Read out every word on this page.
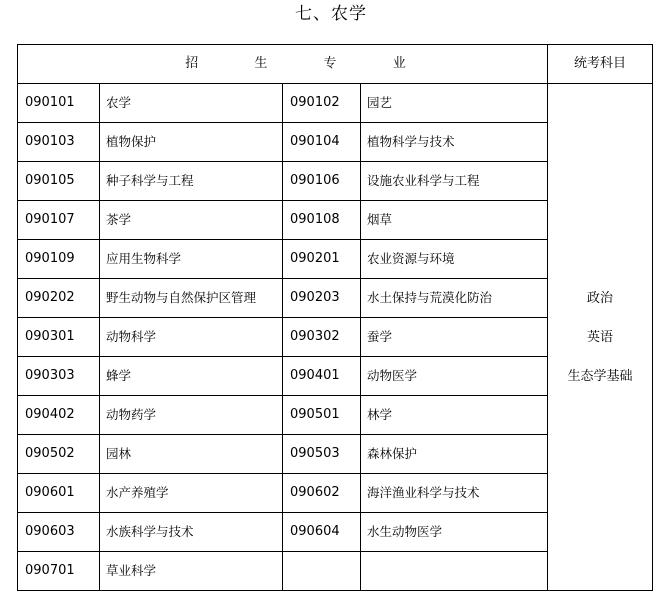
七、农学
招 生 专 业				统考科目
090101	农学	090102	园艺	政治
英语
生态学基础

090103	植物保护	090104	植物科学与技术	
090105	种子科学与工程	090106	设施农业科学与工程	
090107	茶学	090108	烟草	
090109	应用生物科学	090201	农业资源与环境	
090202	野生动物与自然保护区管理	090203	水土保持与荒漠化防治	
090301	动物科学	090302	蚕学	
090303	蜂学	090401	动物医学	
090402	动物药学	090501	林学	
090502	园林	090503	森林保护	
090601	水产养殖学	090602	海洋渔业科学与技术	
090603	水族科学与技术	090604	水生动物医学	
090701	草业科学			
